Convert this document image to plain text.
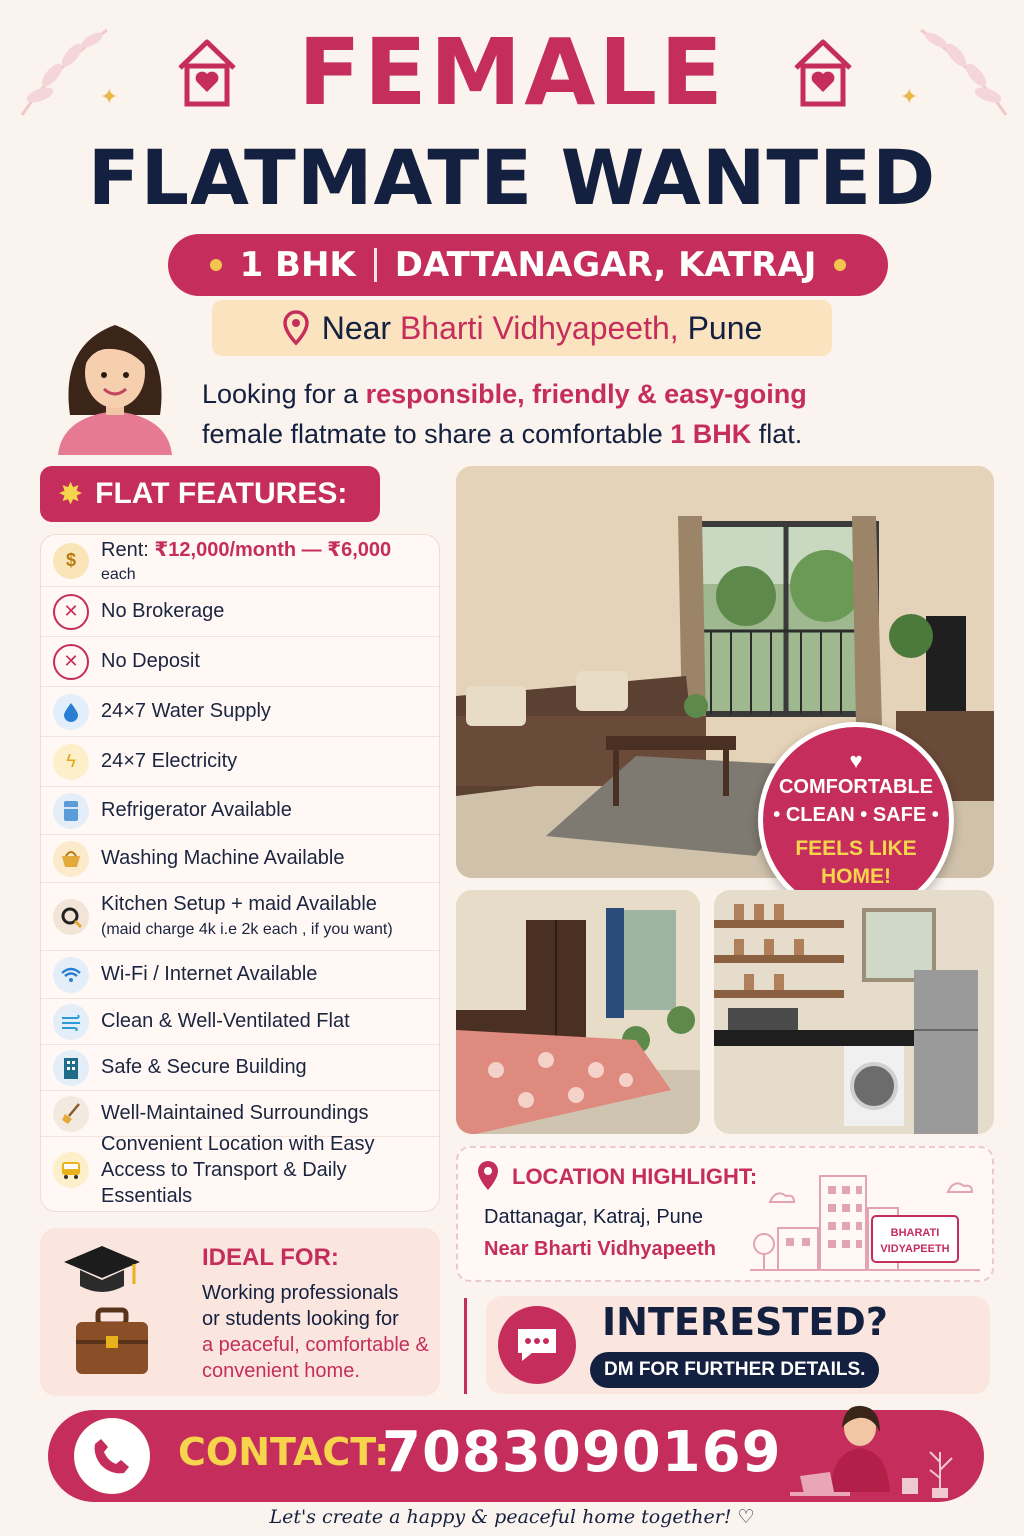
✦	✦
FEMALE
FLATMATE WANTED
1 BHK DATTANAGAR, KATRAJ
Near Bharti Vidhyapeeth, Pune
Looking for a responsible, friendly & easy-going
female flatmate to share a comfortable 1 BHK flat.
✸ FLAT FEATURES:
$	Rent: ₹12,000/month — ₹6,000 each
✕	No Brokerage
✕	No Deposit
24×7 Water Supply
ϟ	24×7 Electricity
Refrigerator Available
Washing Machine Available
Kitchen Setup + maid Available
(maid charge 4k i.e 2k each , if you want)
Wi-Fi / Internet Available
Clean & Well-Ventilated Flat
Safe & Secure Building
Well-Maintained Surroundings
Convenient Location with Easy
Access to Transport & Daily Essentials
♥
COMFORTABLE
• CLEAN • SAFE •
FEELS LIKE
HOME!
LOCATION HIGHLIGHT:
Dattanagar, Katraj, Pune
Near Bharti Vidhyapeeth
BHARATI
VIDYAPEETH
IDEAL FOR:
Working professionals
or students looking for
a peaceful, comfortable &
convenient home.
INTERESTED?
DM FOR FURTHER DETAILS.
CONTACT:
7083090169
Let's create a happy & peaceful home together! ♡
